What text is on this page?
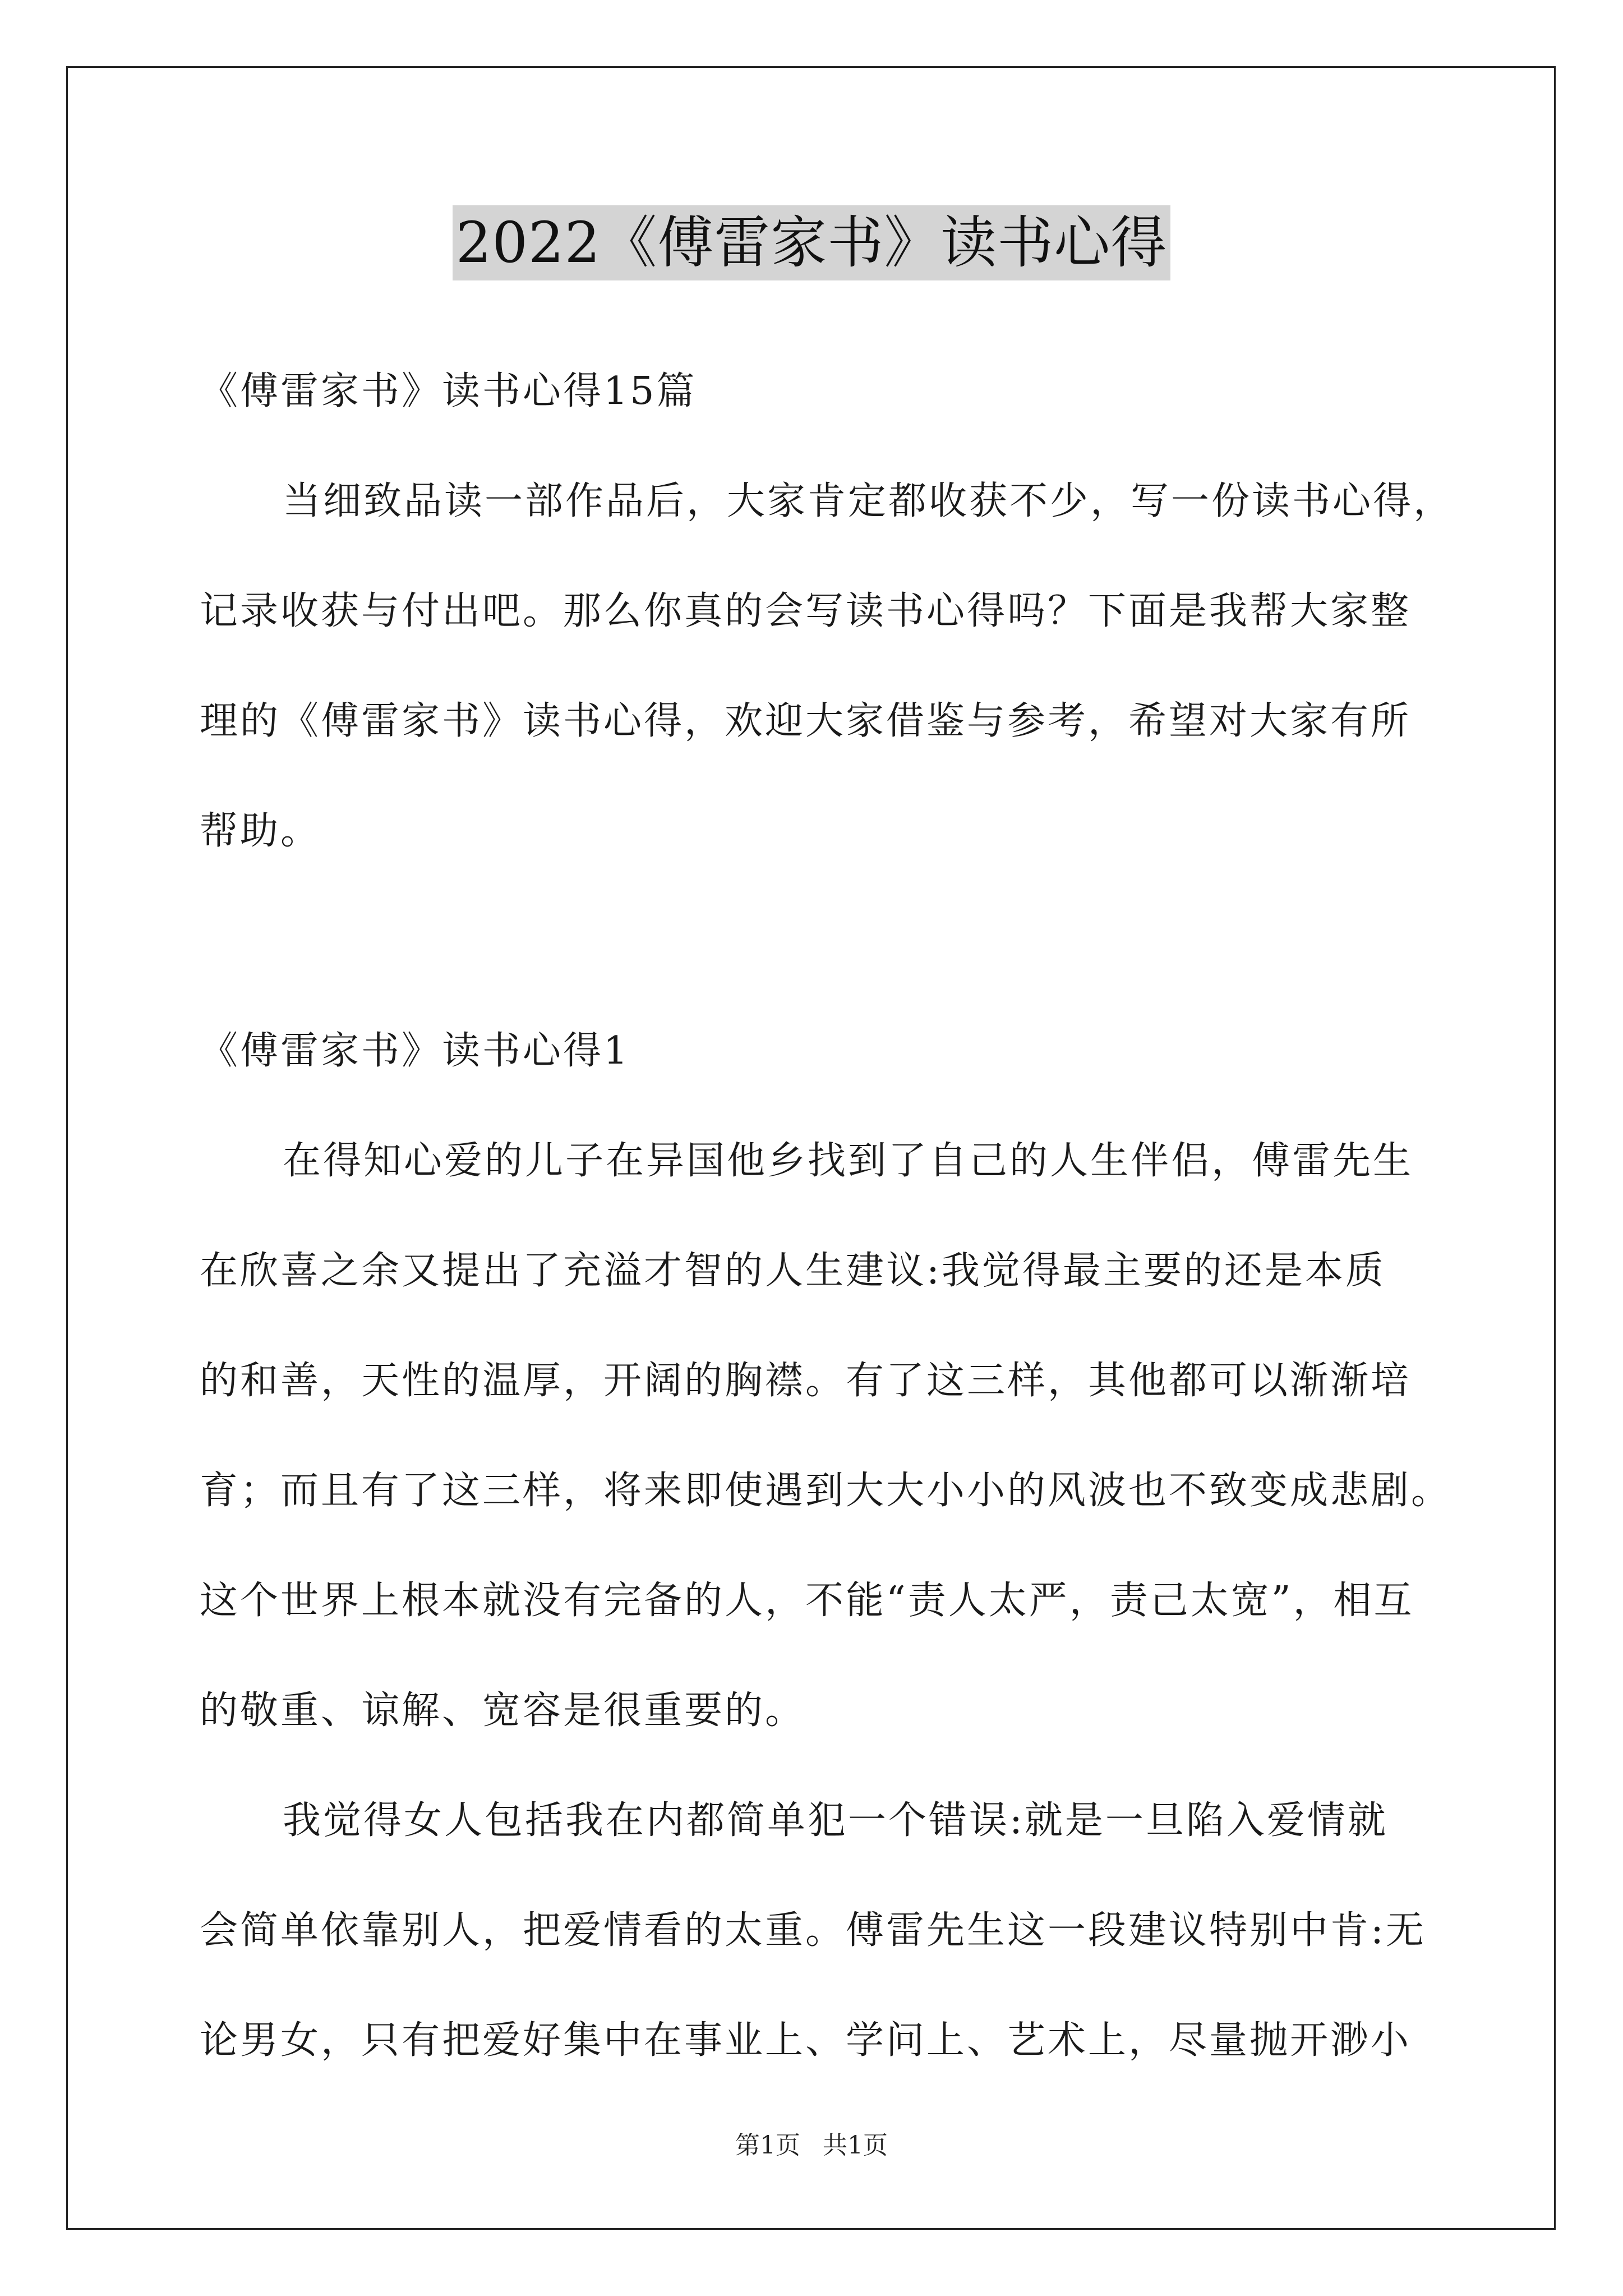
2022《傅雷家书》读书心得

《傅雷家书》读书心得15篇

当细致品读一部作品后，大家肯定都收获不少，写一份读书心得，

记录收获与付出吧。那么你真的会写读书心得吗？下面是我帮大家整

理的《傅雷家书》读书心得，欢迎大家借鉴与参考，希望对大家有所

帮助。

《傅雷家书》读书心得1

在得知心爱的儿子在异国他乡找到了自己的人生伴侣，傅雷先生

在欣喜之余又提出了充溢才智的人生建议:我觉得最主要的还是本质

的和善，天性的温厚，开阔的胸襟。有了这三样，其他都可以渐渐培

育；而且有了这三样，将来即使遇到大大小小的风波也不致变成悲剧。

这个世界上根本就没有完备的人，不能“责人太严，责己太宽”，相互

的敬重、谅解、宽容是很重要的。

我觉得女人包括我在内都简单犯一个错误:就是一旦陷入爱情就

会简单依靠别人，把爱情看的太重。傅雷先生这一段建议特别中肯:无

论男女，只有把爱好集中在事业上、学问上、艺术上，尽量抛开渺小

第1页 共1页
